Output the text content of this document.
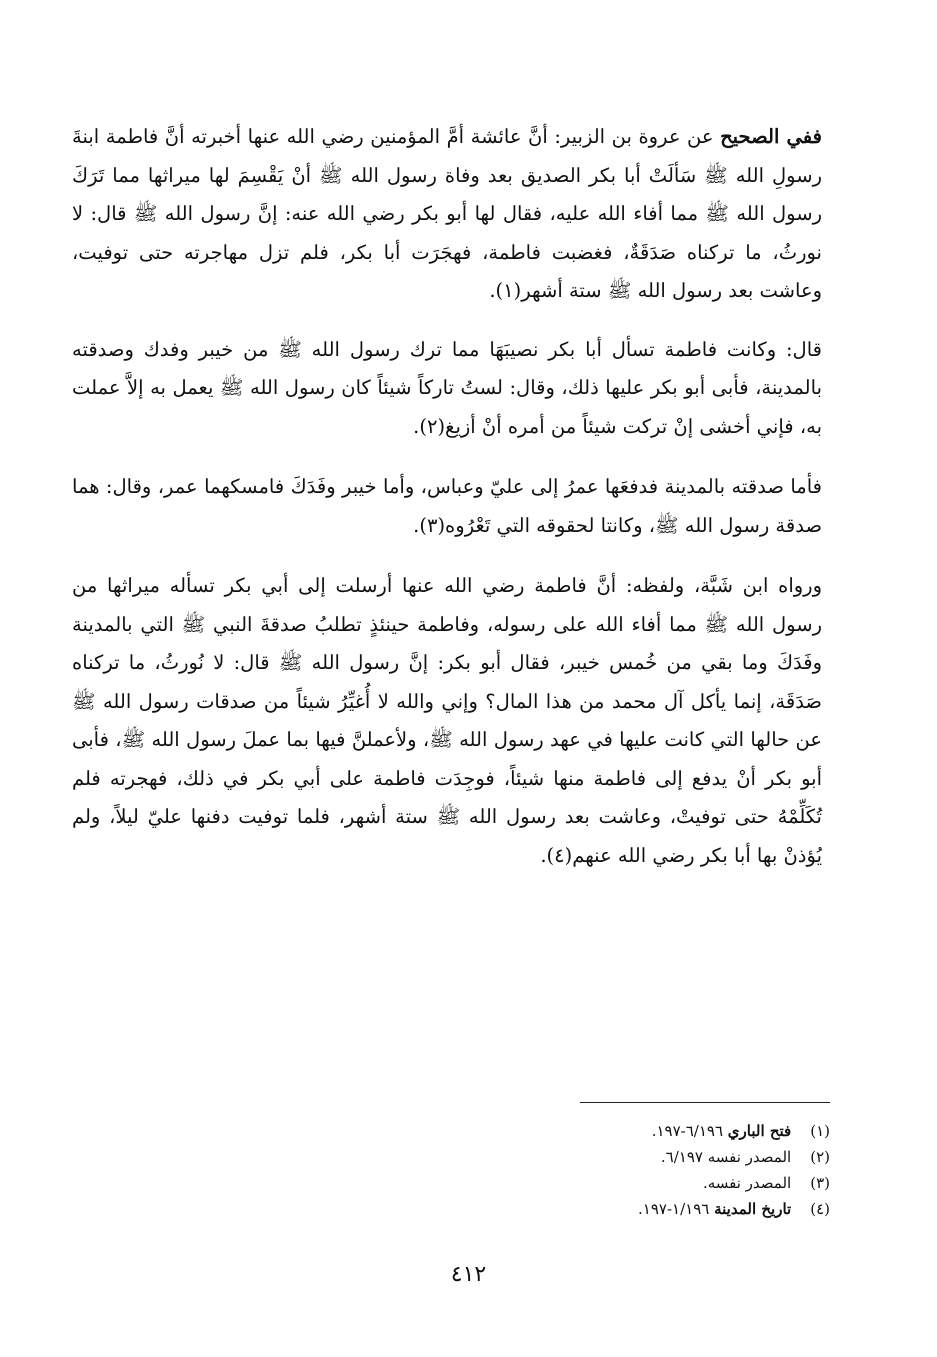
ففي الصحيح عن عروة بن الزبير: أنَّ عائشة أمَّ المؤمنين رضي الله عنها أخبرته أنَّ فاطمة ابنةَ رسولِ الله ﷺ سَألَتْ أبا بكر الصديق بعد وفاة رسول الله ﷺ أنْ يَقْسِمَ لها ميراثها مما تَرَكَ رسول الله ﷺ مما أفاء الله عليه، فقال لها أبو بكر رضي الله عنه: إنَّ رسول الله ﷺ قال: لا نورثُ، ما تركناه صَدَقَةٌ، فغضبت فاطمة، فهجَرَت أبا بكر، فلم تزل مهاجرته حتى توفيت، وعاشت بعد رسول الله ﷺ ستة أشهر(١).

قال: وكانت فاطمة تسأل أبا بكر نصيبَهَا مما ترك رسول الله ﷺ من خيبر وفدك وصدقته بالمدينة، فأبى أبو بكر عليها ذلك، وقال: لستُ تاركاً شيئاً كان رسول الله ﷺ يعمل به إلاَّ عملت به، فإني أخشى إنْ تركت شيئاً من أمره أنْ أزيغ(٢).

فأما صدقته بالمدينة فدفعَها عمرُ إلى عليّ وعباس، وأما خيبر وفَدَكَ فامسكهما عمر، وقال: هما صدقة رسول الله ﷺ، وكانتا لحقوقه التي تَعْرُوه(٣).

ورواه ابن شَبَّة، ولفظه: أنَّ فاطمة رضي الله عنها أرسلت إلى أبي بكر تسأله ميراثها من رسول الله ﷺ مما أفاء الله على رسوله، وفاطمة حينئذٍ تطلبُ صدقةَ النبي ﷺ التي بالمدينة وفَدَكَ وما بقي من خُمس خيبر، فقال أبو بكر: إنَّ رسول الله ﷺ قال: لا نُورثُ، ما تركناه صَدَقَة، إنما يأكل آل محمد من هذا المال؟ وإني والله لا أُغيِّرُ شيئاً من صدقات رسول الله ﷺ عن حالها التي كانت عليها في عهد رسول الله ﷺ، ولأعملنَّ فيها بما عملَ رسول الله ﷺ، فأبى أبو بكر أنْ يدفع إلى فاطمة منها شيئاً، فوجِدَت فاطمة على أبي بكر في ذلك، فهجرته فلم تُكَلِّمْهُ حتى توفيتْ، وعاشت بعد رسول الله ﷺ ستة أشهر، فلما توفيت دفنها عليّ ليلاً، ولم يُؤذنْ بها أبا بكر رضي الله عنهم(٤).

(١) فتح الباري ٦/١٩٦-١٩٧.
(٢) المصدر نفسه ٦/١٩٧.
(٣) المصدر نفسه.
(٤) تاريخ المدينة ١/١٩٦-١٩٧.
٤١٢
